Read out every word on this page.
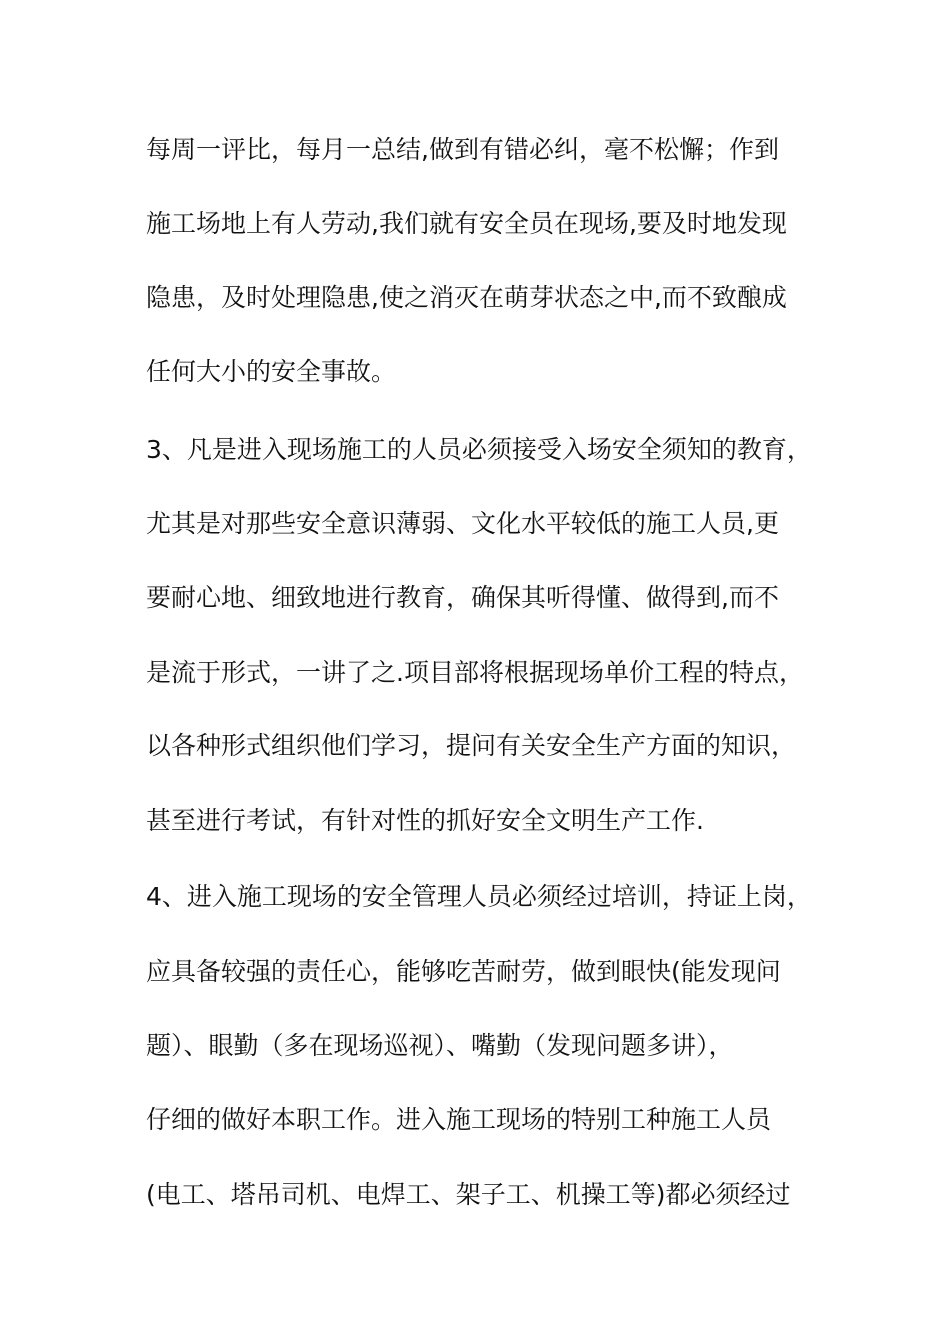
每周一评比，每月一总结,做到有错必纠，毫不松懈；作到
施工场地上有人劳动,我们就有安全员在现场,要及时地发现
隐患，及时处理隐患,使之消灭在萌芽状态之中,而不致酿成
任何大小的安全事故。
3、凡是进入现场施工的人员必须接受入场安全须知的教育，
尤其是对那些安全意识薄弱、文化水平较低的施工人员,更
要耐心地、细致地进行教育，确保其听得懂、做得到,而不
是流于形式，一讲了之.项目部将根据现场单价工程的特点，
以各种形式组织他们学习，提问有关安全生产方面的知识，
甚至进行考试，有针对性的抓好安全文明生产工作.
4、进入施工现场的安全管理人员必须经过培训，持证上岗，
应具备较强的责任心，能够吃苦耐劳，做到眼快(能发现问
题）、眼勤（多在现场巡视）、嘴勤（发现问题多讲），
仔细的做好本职工作。进入施工现场的特别工种施工人员
(电工、塔吊司机、电焊工、架子工、机操工等)都必须经过
